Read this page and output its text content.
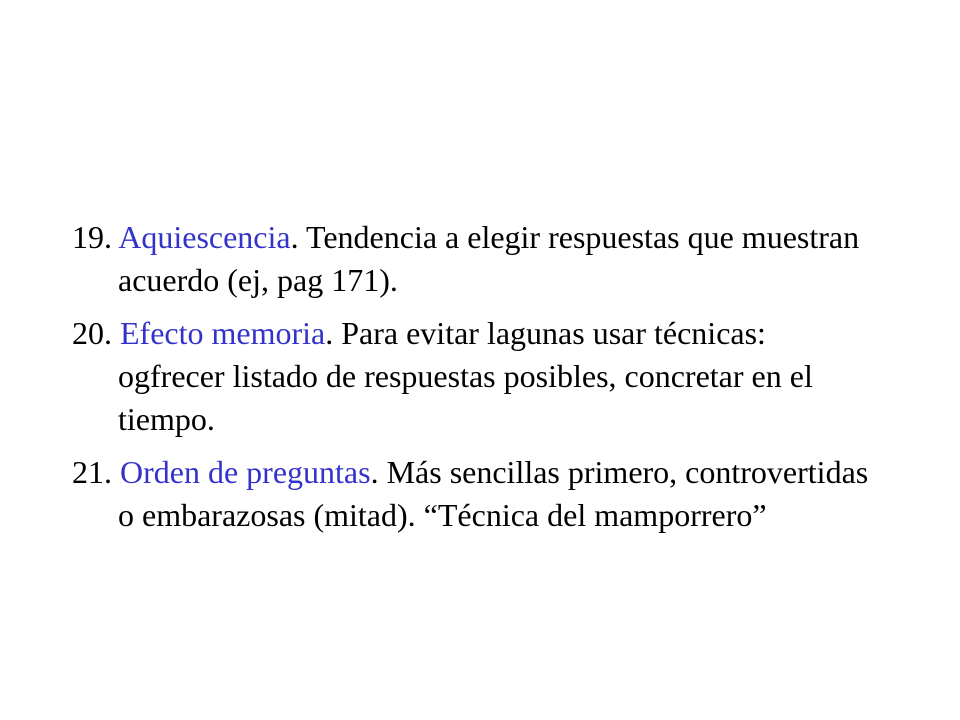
19. Aquiescencia. Tendencia a elegir respuestas que muestran acuerdo (ej, pag 171).
20. Efecto memoria. Para evitar lagunas usar técnicas: ogfrecer listado de respuestas posibles, concretar en el tiempo.
21. Orden de preguntas. Más sencillas primero, controvertidas o embarazosas (mitad). “Técnica del mamporrero”
